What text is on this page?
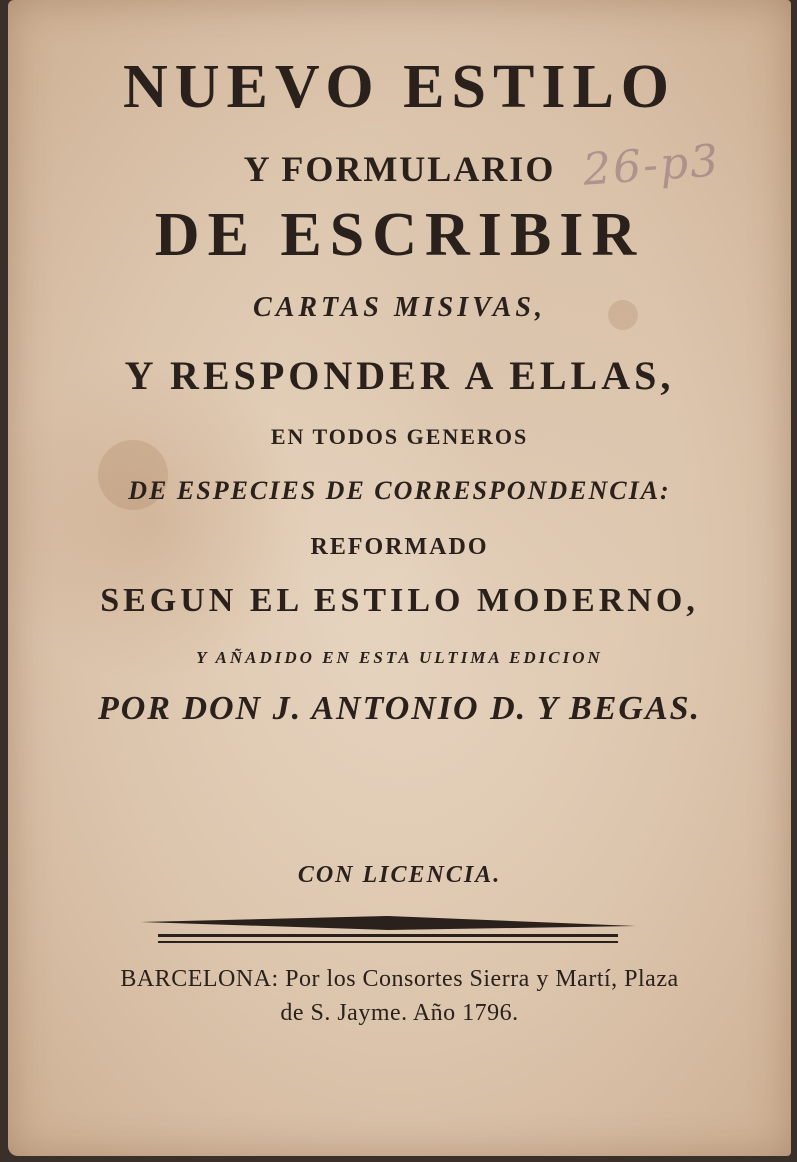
26-p3
NUEVO ESTILO
Y FORMULARIO
DE ESCRIBIR
CARTAS MISIVAS,
Y RESPONDER A ELLAS,
EN TODOS GENEROS
DE ESPECIES DE CORRESPONDENCIA:
REFORMADO
SEGUN EL ESTILO MODERNO,
Y AÑADIDO EN ESTA ULTIMA EDICION
POR DON J. ANTONIO D. Y BEGAS.
CON LICENCIA.
BARCELONA: Por los Consortes Sierra y Martí, Plaza
de S. Jayme. Año 1796.
